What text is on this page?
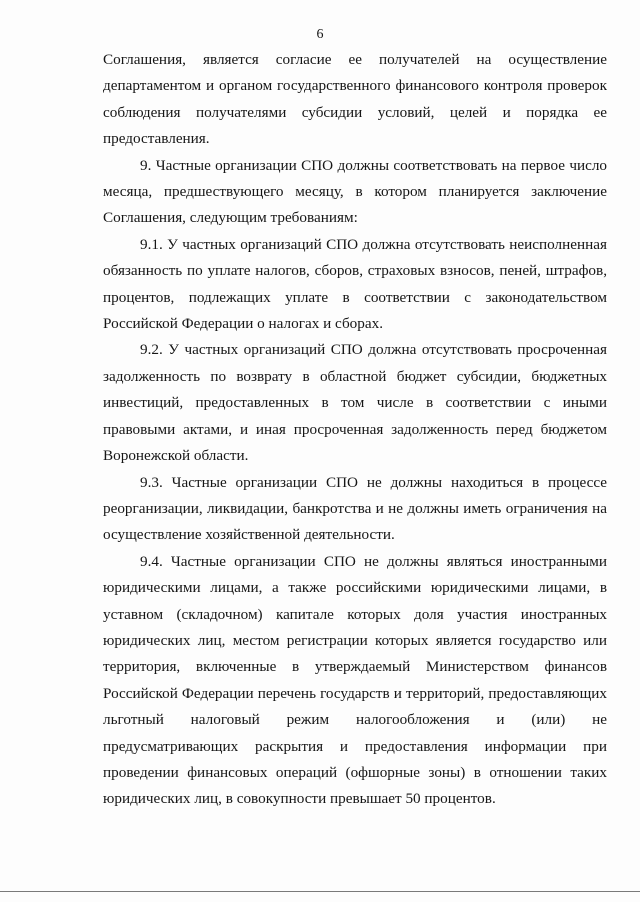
6

Соглашения, является согласие ее получателей на осуществление департаментом и органом государственного финансового контроля проверок соблюдения получателями субсидии условий, целей и порядка ее предоставления.

9. Частные организации СПО должны соответствовать на первое число месяца, предшествующего месяцу, в котором планируется заключение Соглашения, следующим требованиям:

9.1. У частных организаций СПО должна отсутствовать неисполненная обязанность по уплате налогов, сборов, страховых взносов, пеней, штрафов, процентов, подлежащих уплате в соответствии с законодательством Российской Федерации о налогах и сборах.

9.2. У частных организаций СПО должна отсутствовать просроченная задолженность по возврату в областной бюджет субсидии, бюджетных инвестиций, предоставленных в том числе в соответствии с иными правовыми актами, и иная просроченная задолженность перед бюджетом Воронежской области.

9.3. Частные организации СПО не должны находиться в процессе реорганизации, ликвидации, банкротства и не должны иметь ограничения на осуществление хозяйственной деятельности.

9.4. Частные организации СПО не должны являться иностранными юридическими лицами, а также российскими юридическими лицами, в уставном (складочном) капитале которых доля участия иностранных юридических лиц, местом регистрации которых является государство или территория, включенные в утверждаемый Министерством финансов Российской Федерации перечень государств и территорий, предоставляющих льготный налоговый режим налогообложения и (или) не предусматривающих раскрытия и предоставления информации при проведении финансовых операций (офшорные зоны) в отношении таких юридических лиц, в совокупности превышает 50 процентов.
